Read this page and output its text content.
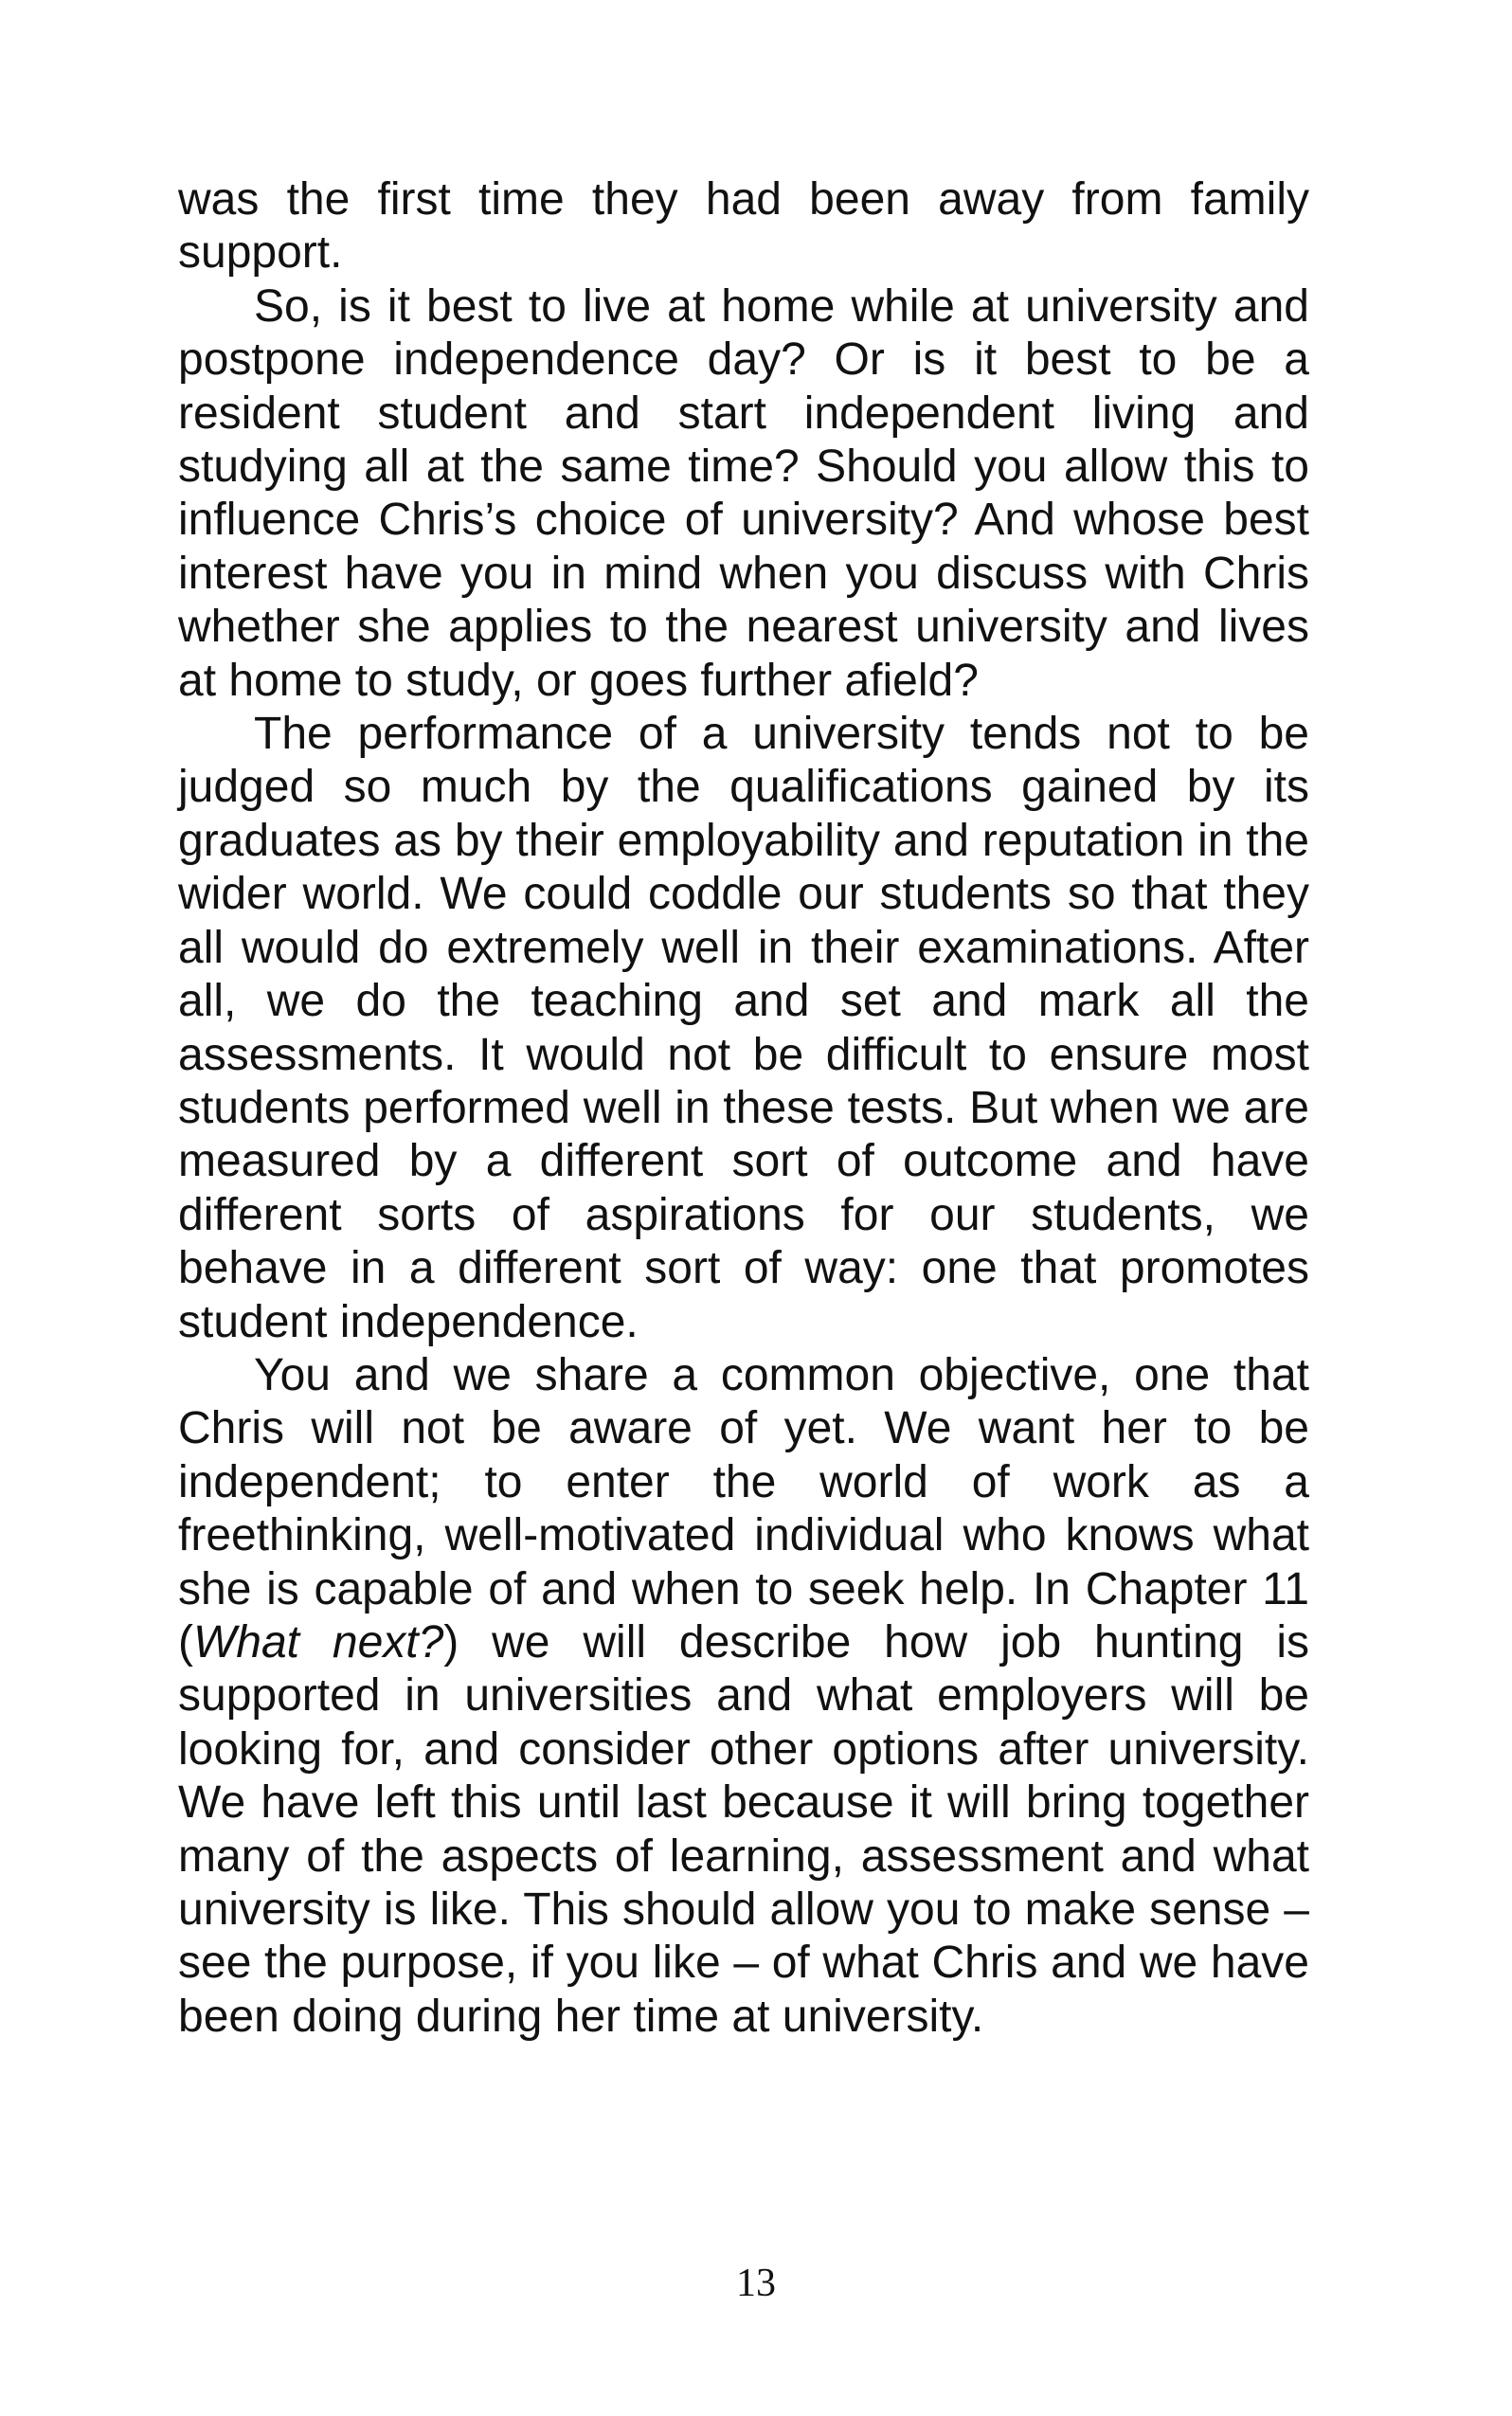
was the first time they had been away from family support.

So, is it best to live at home while at university and postpone independence day? Or is it best to be a resident student and start independent living and studying all at the same time? Should you allow this to influence Chris’s choice of university? And whose best interest have you in mind when you discuss with Chris whether she applies to the nearest university and lives at home to study, or goes further afield?

The performance of a university tends not to be judged so much by the qualifications gained by its graduates as by their employability and reputation in the wider world. We could coddle our students so that they all would do extremely well in their examinations. After all, we do the teaching and set and mark all the assessments. It would not be difficult to ensure most students performed well in these tests. But when we are measured by a different sort of outcome and have different sorts of aspirations for our students, we behave in a different sort of way: one that promotes student independence.

You and we share a common objective, one that Chris will not be aware of yet. We want her to be independent; to enter the world of work as a freethinking, well-motivated individual who knows what she is capable of and when to seek help. In Chapter 11 (What next?) we will describe how job hunting is supported in universities and what employers will be looking for, and consider other options after university. We have left this until last because it will bring together many of the aspects of learning, assessment and what university is like. This should allow you to make sense – see the purpose, if you like – of what Chris and we have been doing during her time at university.

13
